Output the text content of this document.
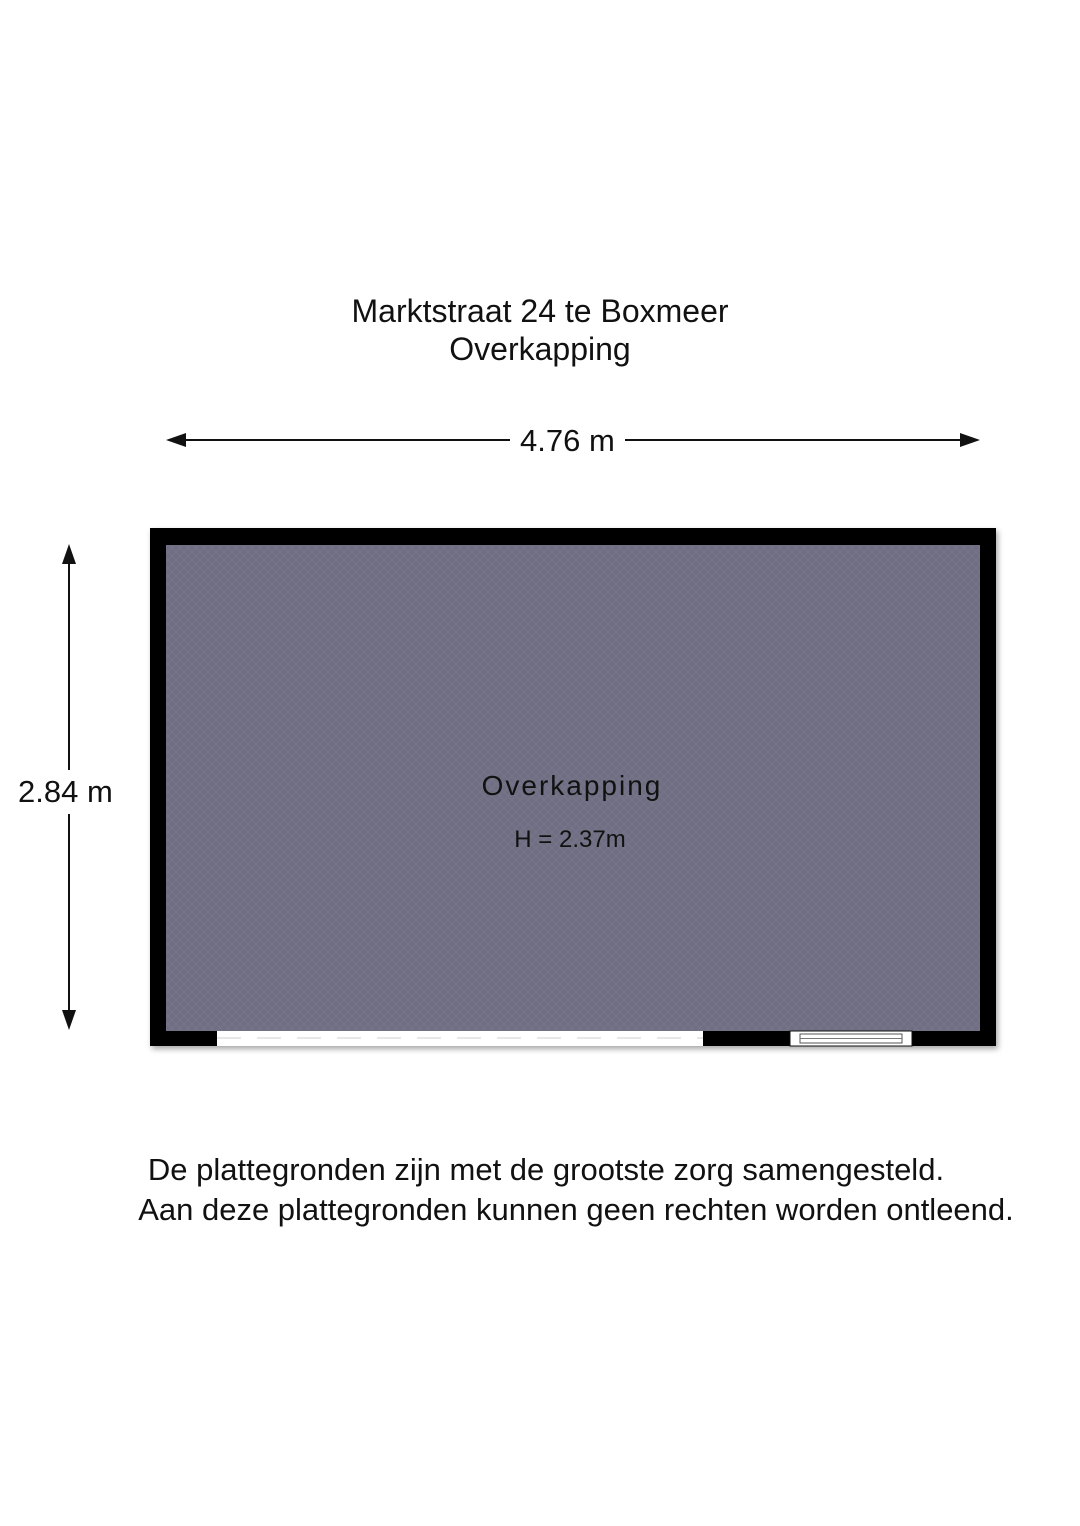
Marktstraat 24 te Boxmeer
Overkapping
4.76 m
2.84 m	Overkapping
H = 2.37m
De plattegronden zijn met de grootste zorg samengesteld.
Aan deze plattegronden kunnen geen rechten worden ontleend.
